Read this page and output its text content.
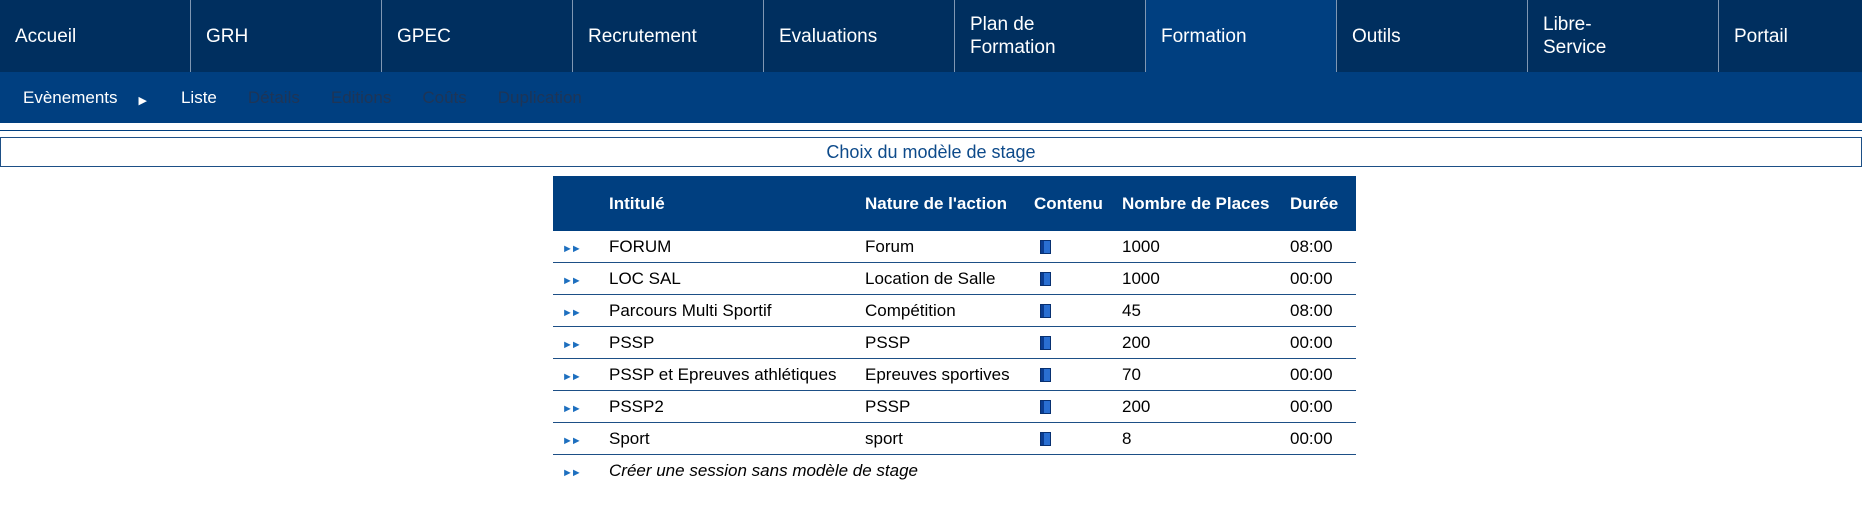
Accueil	GRH	GPEC	Recrutement	Evaluations
Plan de Formation
Formation	Outils
Libre-Service
Portail
Evènements ▶ Liste Détails Editions Coûts Duplication
Choix du modèle de stage
	Intitulé	Nature de l'action	Contenu	Nombre de Places	Durée
►►	FORUM	Forum		1000	08:00
►►	LOC SAL	Location de Salle		1000	00:00
►►	Parcours Multi Sportif	Compétition		45	08:00
►►	PSSP	PSSP		200	00:00
►►	PSSP et Epreuves athlétiques	Epreuves sportives		70	00:00
►►	PSSP2	PSSP		200	00:00
►►	Sport	sport		8	00:00
►►	Créer une session sans modèle de stage				
